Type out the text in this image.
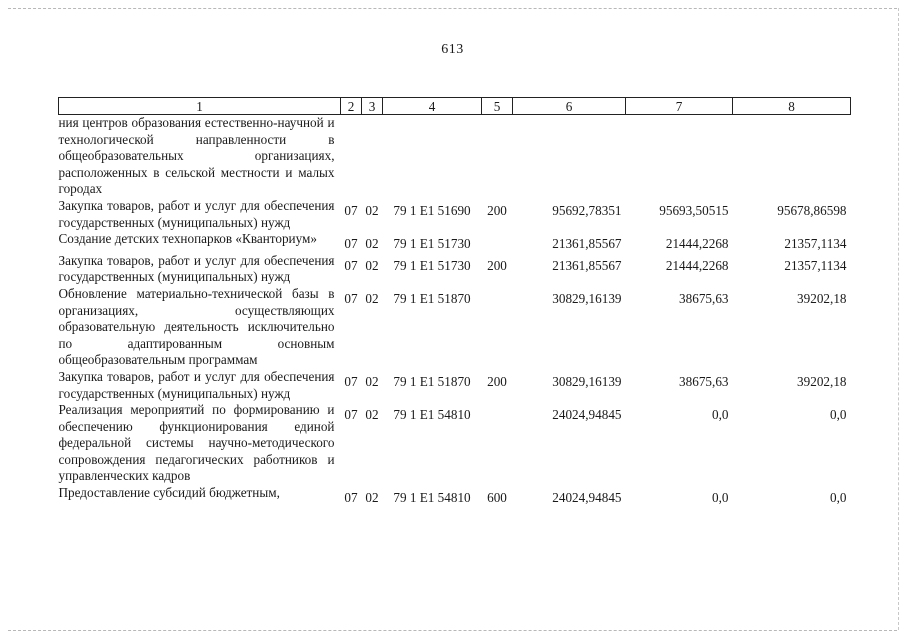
613
1	2	3	4	5	6	7	8
ния центров образования естественно-научной и технологической направленности в общеобразовательных организациях, расположенных в сельской местности и малых городах							
Закупка товаров, работ и услуг для обеспечения государственных (муниципальных) нужд	07	02	79 1 E1 51690	200	95692,78351	95693,50515	95678,86598
Создание детских технопарков «Кванториум»	07	02	79 1 E1 51730		21361,85567	21444,2268	21357,1134
Закупка товаров, работ и услуг для обеспечения государственных (муниципальных) нужд	07	02	79 1 E1 51730	200	21361,85567	21444,2268	21357,1134
Обновление материально-технической базы в организациях, осуществляющих образовательную деятельность исключительно по адаптированным основным общеобразовательным программам	07	02	79 1 E1 51870		30829,16139	38675,63	39202,18
Закупка товаров, работ и услуг для обеспечения государственных (муниципальных) нужд	07	02	79 1 E1 51870	200	30829,16139	38675,63	39202,18
Реализация мероприятий по формированию и обеспечению функционирования единой федеральной системы научно-методического сопровождения педагогических работников и управленческих кадров	07	02	79 1 E1 54810		24024,94845	0,0	0,0
Предоставление субсидий бюджетным,	07	02	79 1 E1 54810	600	24024,94845	0,0	0,0
